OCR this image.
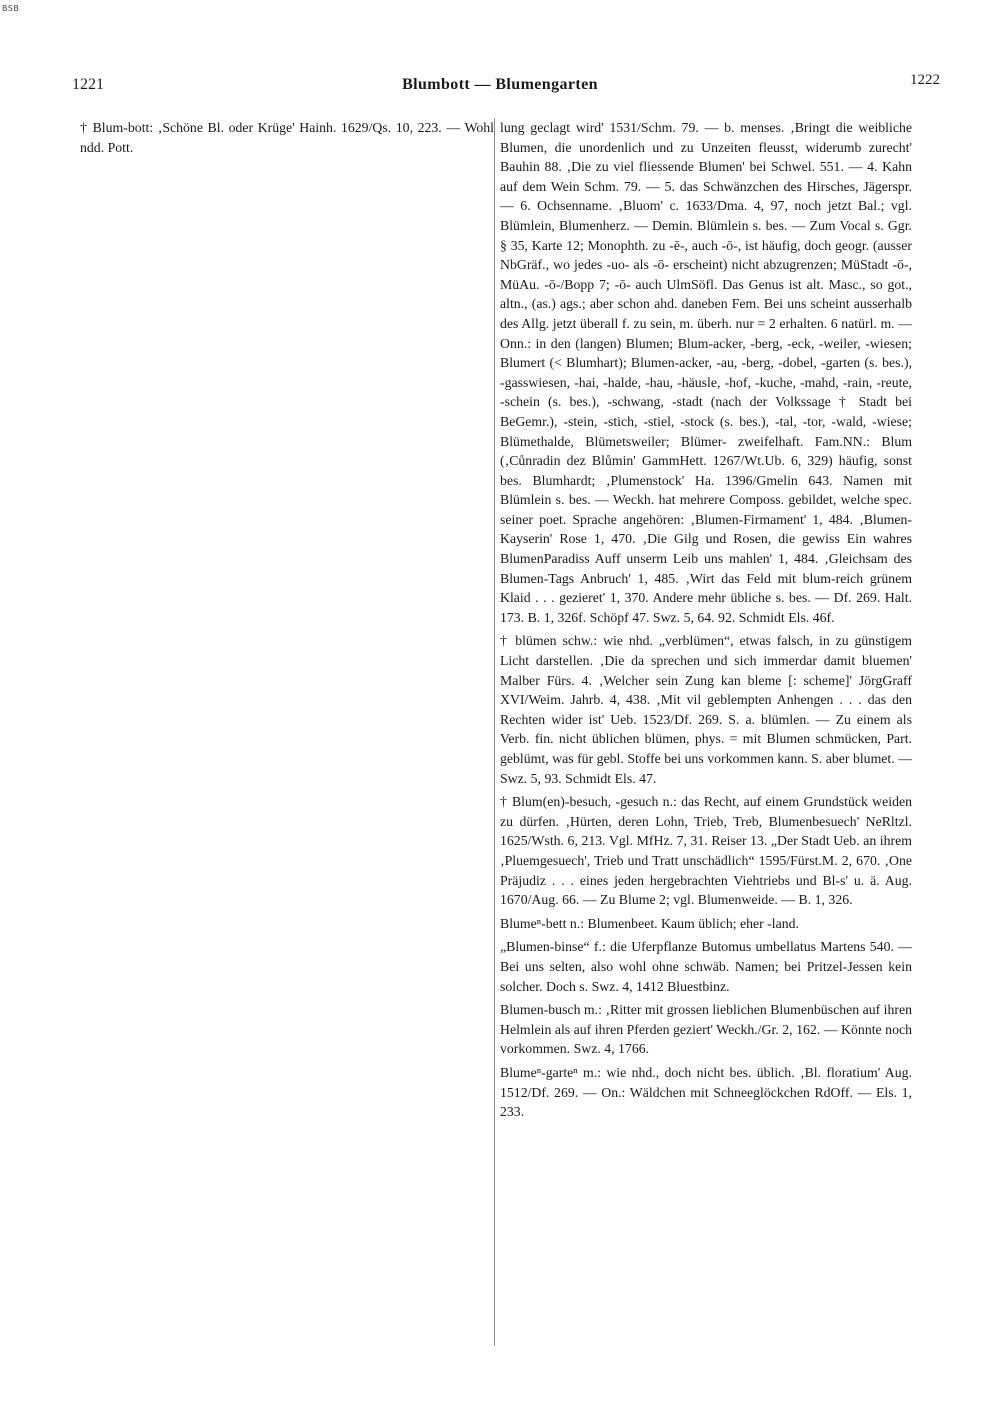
BSB
1221	Blumbott — Blumengarten	1222

† Blum-bott: ‚Schöne Bl. oder Krüge' Hainh. 1629/Qs. 10, 223. — Wohl ndd. Pott.

lung geclagt wird' 1531/Schm. 79. — b. menses. ‚Bringt die weibliche Blumen, die unordenlich und zu Unzeiten fleusst, widerumb zurecht' Bauhin 88. ‚Die zu viel fliessende Blumen' bei Schwel. 551. — 4. Kahn auf dem Wein Schm. 79. — 5. das Schwänzchen des Hirsches, Jägerspr. — 6. Ochsenname. ‚Bluom' c. 1633/Dma. 4, 97, noch jetzt Bal.; vgl. Blümlein, Blumenherz. — Demin. Blümlein s. bes. — Zum Vocal s. Ggr. § 35, Karte 12; Monophth. zu -ē-, auch -ō-, ist häufig, doch geogr. (ausser NbGräf., wo jedes -uo- als -ō- erscheint) nicht abzugrenzen; MüStadt -ō-, MüAu. -ō-/Bopp 7; -ō- auch UlmSöfl. Das Genus ist alt. Masc., so got., altn., (as.) ags.; aber schon ahd. daneben Fem. Bei uns scheint ausserhalb des Allg. jetzt überall f. zu sein, m. überh. nur = 2 erhalten. 6 natürl. m. — Onn.: in den (langen) Blumen; Blum-acker, -berg, -eck, -weiler, -wiesen; Blumert (< Blumhart); Blumen-acker, -au, -berg, -dobel, -garten (s. bes.), -gasswiesen, -hai, -halde, -hau, -häusle, -hof, -kuche, -mahd, -rain, -reute, -schein (s. bes.), -schwang, -stadt (nach der Volkssage † Stadt bei BeGemr.), -stein, -stich, -stiel, -stock (s. bes.), -tal, -tor, -wald, -wiese; Blümethalde, Blümetsweiler; Blümer- zweifelhaft. Fam.NN.: Blum (‚Cůnradin dez Blůmin' GammHett. 1267/Wt.Ub. 6, 329) häufig, sonst bes. Blumhardt; ‚Plumenstock' Ha. 1396/Gmelin 643. Namen mit Blümlein s. bes. — Weckh. hat mehrere Composs. gebildet, welche spec. seiner poet. Sprache angehören: ‚Blumen-Firmament' 1, 484. ‚Blumen-Kayserin' Rose 1, 470. ‚Die Gilg und Rosen, die gewiss Ein wahres BlumenParadiss Auff unserm Leib uns mahlen' 1, 484. ‚Gleichsam des Blumen-Tags Anbruch' 1, 485. ‚Wirt das Feld mit blum-reich grünem Klaid . . . gezieret' 1, 370. Andere mehr übliche s. bes. — Df. 269. Halt. 173. B. 1, 326f. Schöpf 47. Swz. 5, 64. 92. Schmidt Els. 46f.

† blümen schw.: wie nhd. „verblümen“, etwas falsch, in zu günstigem Licht darstellen. ‚Die da sprechen und sich immerdar damit bluemen' Malber Fürs. 4. ‚Welcher sein Zung kan bleme [: scheme]' JörgGraff XVI/Weim. Jahrb. 4, 438. ‚Mit vil geblempten Anhengen . . . das den Rechten wider ist' Ueb. 1523/Df. 269. S. a. blümlen. — Zu einem als Verb. fin. nicht üblichen blümen, phys. = mit Blumen schmücken, Part. geblümt, was für gebl. Stoffe bei uns vorkommen kann. S. aber blumet. — Swz. 5, 93. Schmidt Els. 47.

† Blum(en)-besuch, -gesuch n.: das Recht, auf einem Grundstück weiden zu dürfen. ‚Hürten, deren Lohn, Trieb, Treb, Blumenbesuech' NeRltzl. 1625/Wsth. 6, 213. Vgl. MfHz. 7, 31. Reiser 13. „Der Stadt Ueb. an ihrem ‚Pluemgesuech', Trieb und Tratt unschädlich“ 1595/Fürst.M. 2, 670. ‚One Präjudiz . . . eines jeden hergebrachten Viehtriebs und Bl-s' u. ä. Aug. 1670/Aug. 66. — Zu Blume 2; vgl. Blumenweide. — B. 1, 326.

Blumeⁿ-bett n.: Blumenbeet. Kaum üblich; eher -land.

„Blumen-binse“ f.: die Uferpflanze Butomus umbellatus Martens 540. — Bei uns selten, also wohl ohne schwäb. Namen; bei Pritzel-Jessen kein solcher. Doch s. Swz. 4, 1412 Bluestbinz.

Blumen-busch m.: ‚Ritter mit grossen lieblichen Blumenbüschen auf ihren Helmlein als auf ihren Pferden geziert' Weckh./Gr. 2, 162. — Könnte noch vorkommen. Swz. 4, 1766.

Blumeⁿ-garteⁿ m.: wie nhd., doch nicht bes. üblich. ‚Bl. floratium' Aug. 1512/Df. 269. — On.: Wäldchen mit Schneeglöckchen RdOff. — Els. 1, 233.
